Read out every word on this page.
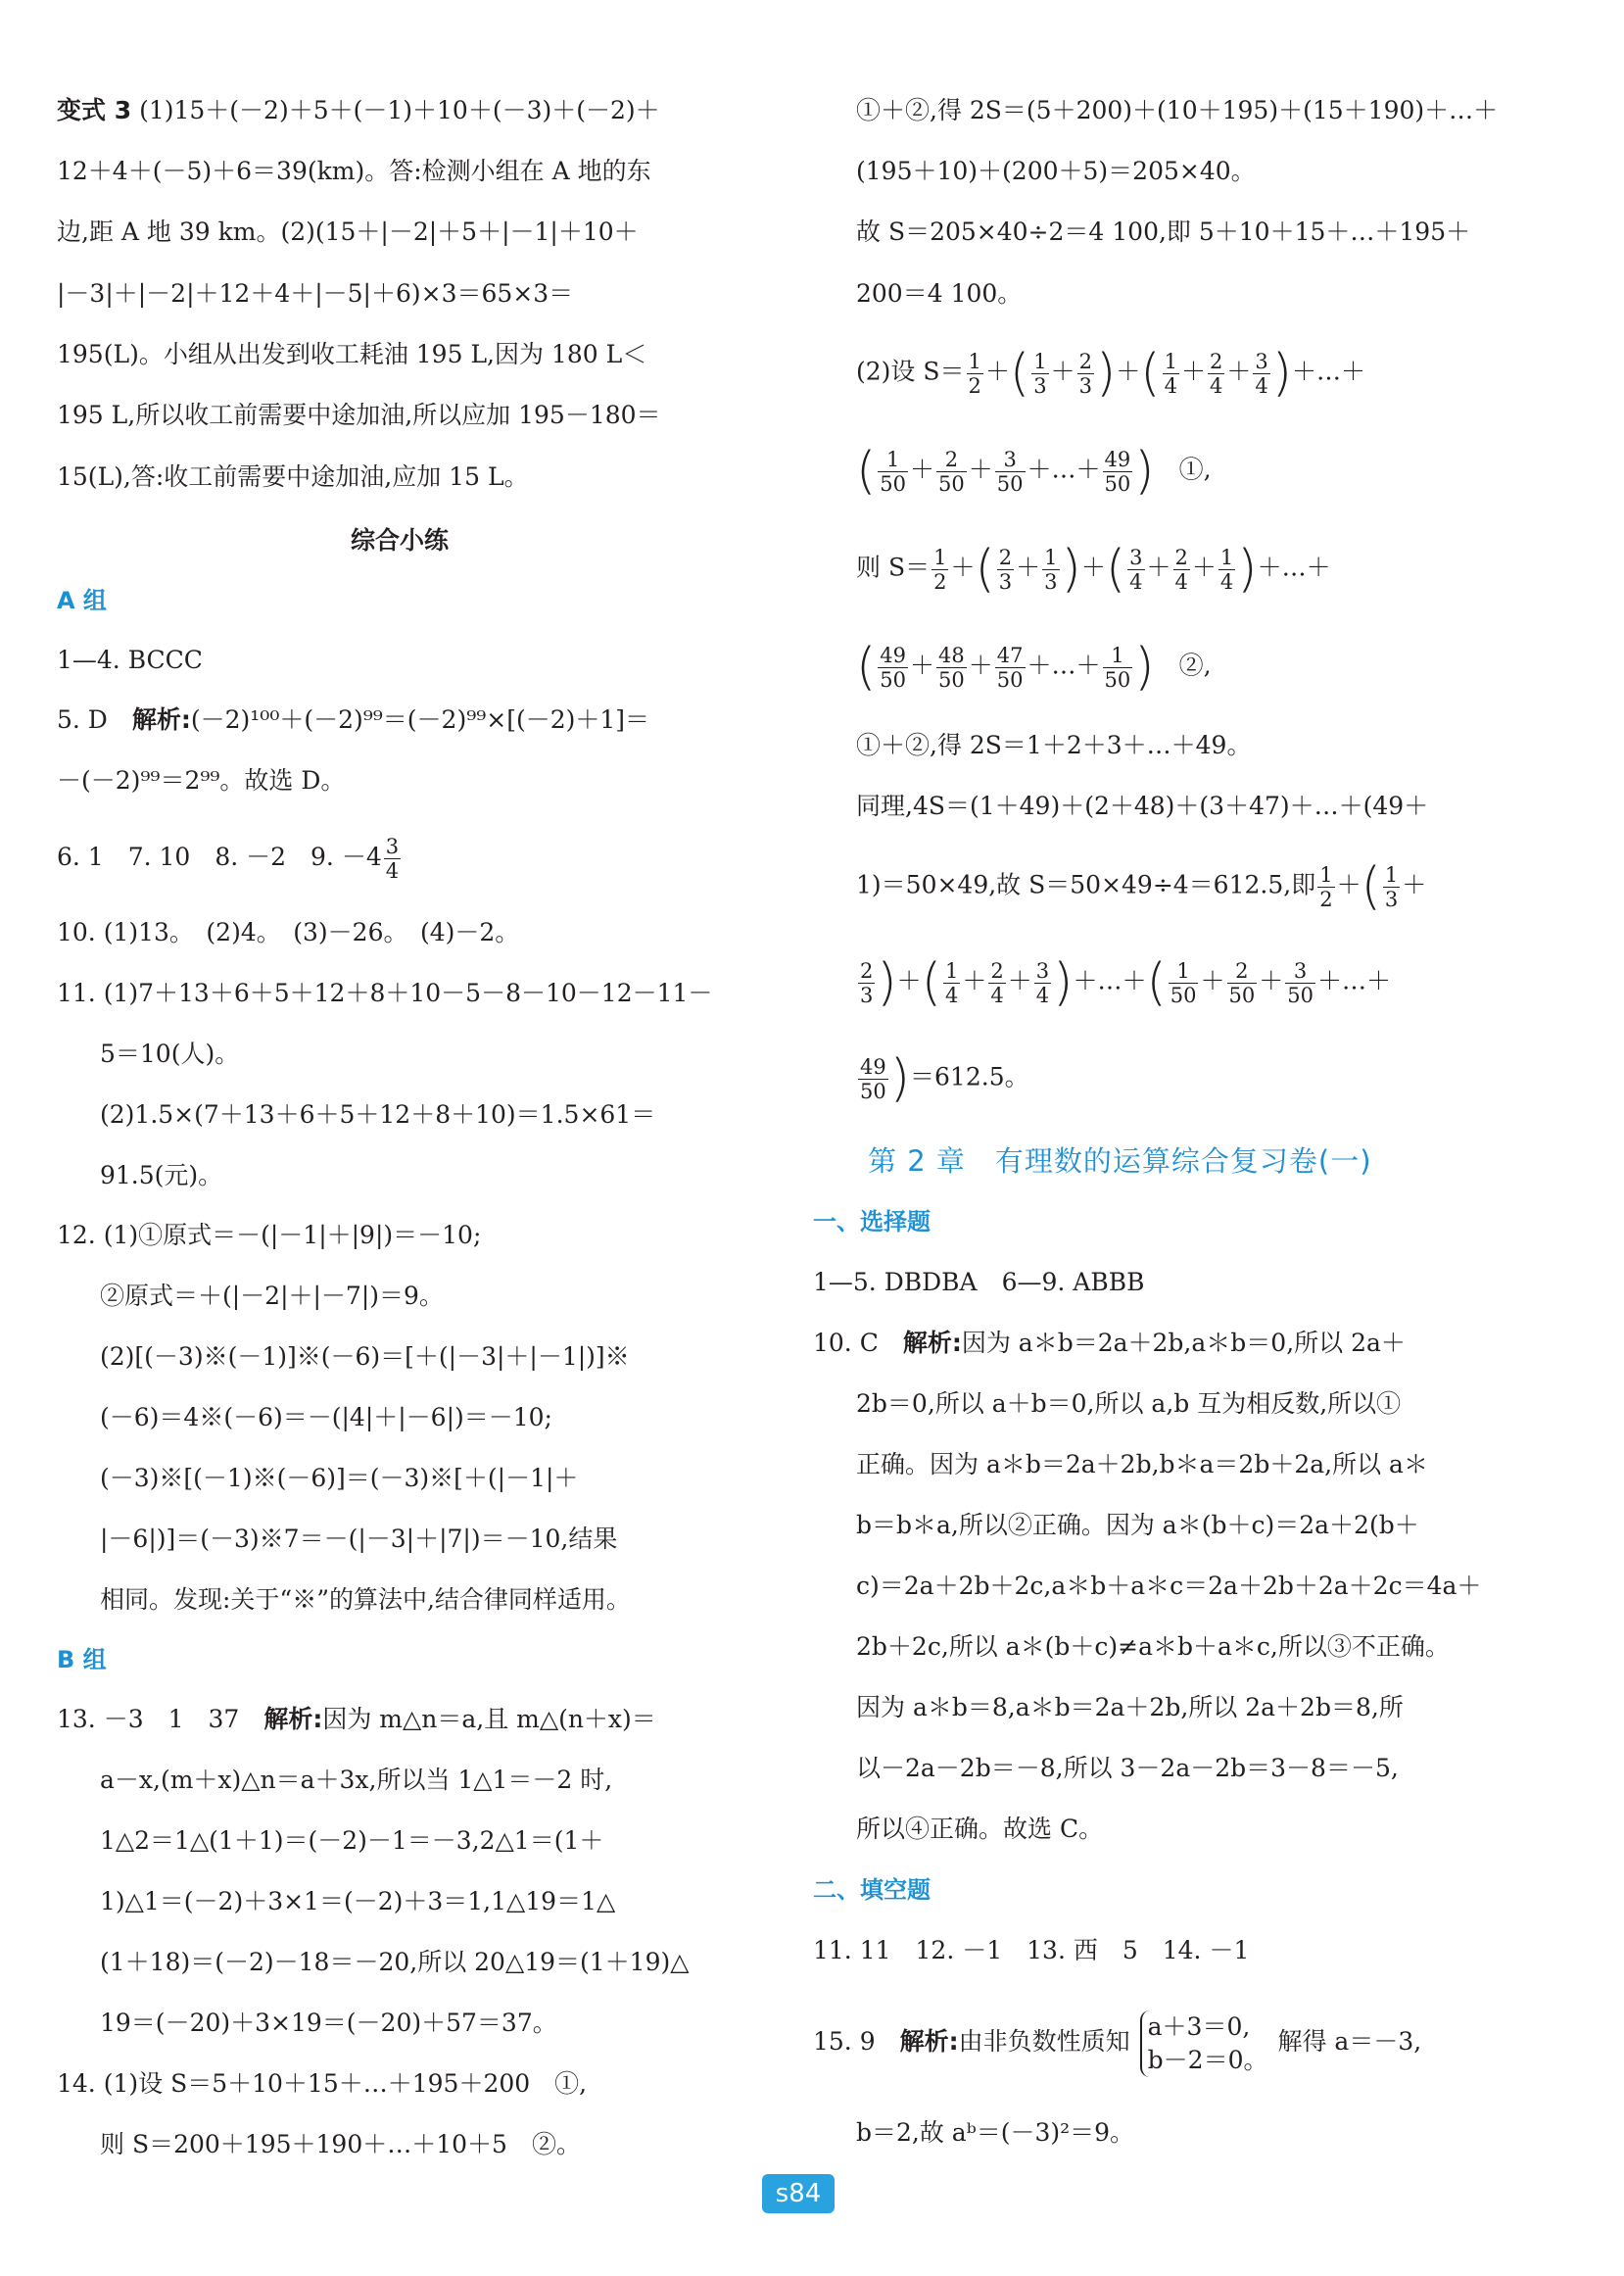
变式 3 (1)15＋(－2)＋5＋(－1)＋10＋(－3)＋(－2)＋
12＋4＋(－5)＋6＝39(km)。答:检测小组在 A 地的东
边,距 A 地 39 km。(2)(15＋|－2|＋5＋|－1|＋10＋
|－3|＋|－2|＋12＋4＋|－5|＋6)×3＝65×3＝
195(L)。小组从出发到收工耗油 195 L,因为 180 L＜
195 L,所以收工前需要中途加油,所以应加 195－180＝
15(L),答:收工前需要中途加油,应加 15 L。
综合小练
A 组
1—4. BCCC
5. D　 解析:(－2)¹⁰⁰＋(－2)⁹⁹＝(－2)⁹⁹×[(－2)＋1]＝
－(－2)⁹⁹＝2⁹⁹。故选 D。
6. 1　7. 10　8. －2　9. $-4 \frac{3}{4}$
10. (1)13。　(2)4。　(3)－26。　(4)－2。
11. (1)7＋13＋6＋5＋12＋8＋10－5－8－10－12－11－
5＝10(人)。
(2)1.5×(7＋13＋6＋5＋12＋8＋10)＝1.5×61＝
91.5(元)。
12. (1)①原式＝－(|－1|＋|9|)＝－10;
②原式＝＋(|－2|＋|－7|)＝9。
(2)[(－3)※(－1)]※(－6)＝[＋(|－3|＋|－1|)]※
(－6)＝4※(－6)＝－(|4|＋|－6|)＝－10;
(－3)※[(－1)※(－6)]＝(－3)※[＋(|－1|＋
|－6|)]＝(－3)※7＝－(|－3|＋|7|)＝－10,结果
相同。发现:关于“※”的算法中,结合律同样适用。
B 组
13. －3　1　37　 解析:因为 m△n＝a,且 m△(n＋x)＝
a－x,(m＋x)△n＝a＋3x,所以当 1△1＝－2 时,
1△2＝1△(1＋1)＝(－2)－1＝－3,2△1＝(1＋
1)△1＝(－2)＋3×1＝(－2)＋3＝1,1△19＝1△
(1＋18)＝(－2)－18＝－20,所以 20△19＝(1＋19)△
19＝(－20)＋3×19＝(－20)＋57＝37。
14. (1)设 S＝5＋10＋15＋…＋195＋200　①,
则 S＝200＋195＋190＋…＋10＋5　②。
①＋②,得 2S＝(5＋200)＋(10＋195)＋(15＋190)＋…＋
(195＋10)＋(200＋5)＝205×40。
故 S＝205×40÷2＝4 100,即 5＋10＋15＋…＋195＋
200＝4 100。
(2)设 $S= \frac{1}{2}$ ＋( $\frac{1}{3} + \frac{2}{3}$ )＋( $\frac{1}{4} + \frac{2}{4} + \frac{3}{4}$ )＋…＋
( $\frac{1}{50} + \frac{2}{50} + \frac{3}{50}$ ＋…＋ $\frac{49}{50}$ )　 ①,
则 $S= \frac{1}{2}$ ＋( $\frac{2}{3} + \frac{1}{3}$ )＋( $\frac{3}{4} + \frac{2}{4} + \frac{1}{4}$ )＋…＋
( $\frac{49}{50} + \frac{48}{50} + \frac{47}{50}$ ＋…＋ $\frac{1}{50}$ )　 ②,
①＋②,得 2S＝1＋2＋3＋…＋49。
同理,4S＝(1＋49)＋(2＋48)＋(3＋47)＋…＋(49＋
1)＝50×49,故 S＝50×49÷4＝612.5,即 $\frac{1}{2}$ ＋( $\frac{1}{3}$ ＋
$\frac{2}{3}$ )＋( $\frac{1}{4} + \frac{2}{4} + \frac{3}{4}$ )＋…＋( $\frac{1}{50} + \frac{2}{50} + \frac{3}{50}$ ＋…＋
$\frac{49}{50} )=612.5$。
第 2 章　有理数的运算综合复习卷(一)
一、选择题
1—5. DBDBA　6—9. ABBB
10. C　 解析:因为 a＊b＝2a＋2b,a＊b＝0,所以 2a＋
2b＝0,所以 a＋b＝0,所以 a,b 互为相反数,所以①
正确。因为 a＊b＝2a＋2b,b＊a＝2b＋2a,所以 a＊
b＝b＊a,所以②正确。因为 a＊(b＋c)＝2a＋2(b＋
c)＝2a＋2b＋2c,a＊b＋a＊c＝2a＋2b＋2a＋2c＝4a＋
2b＋2c,所以 a＊(b＋c)≠a＊b＋a＊c,所以③不正确。
因为 a＊b＝8,a＊b＝2a＋2b,所以 2a＋2b＝8,所
以－2a－2b＝－8,所以 3－2a－2b＝3－8＝－5,
所以④正确。故选 C。
二、填空题
11. 11　12. －1　13. 西　5　14. －1
15. 9　 解析:由非负数性质知
a＋3＝0,
b－2＝0。
解得 a＝－3,
b＝2,故 aᵇ＝(－3)²＝9。
s84
